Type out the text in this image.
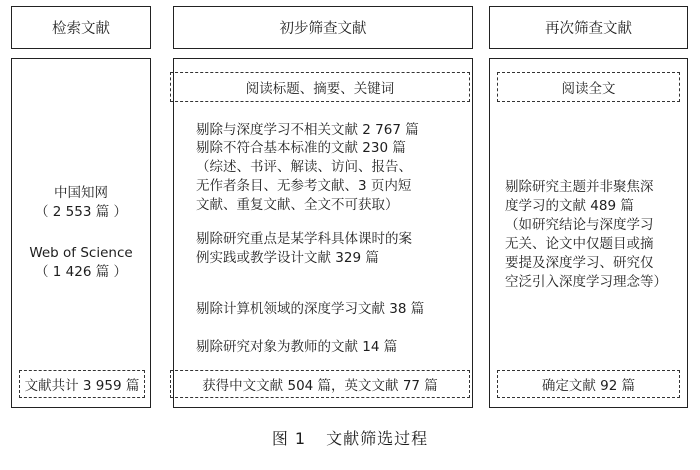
检索文献	初步筛查文献	再次筛查文献
中国知网
（ 2 553 篇 ）
Web of Science
（ 1 426 篇 ）
文献共计 3 959 篇
阅读标题、摘要、关键词
剔除与深度学习不相关文献 2 767 篇
剔除不符合基本标准的文献 230 篇
（综述、书评、解读、访问、报告、
无作者条目、无参考文献、3 页内短
文献、重复文献、全文不可获取）
剔除研究重点是某学科具体课时的案
例实践或教学设计文献 329 篇
剔除计算机领域的深度学习文献 38 篇
剔除研究对象为教师的文献 14 篇
获得中文文献 504 篇，英文文献 77 篇
阅读全文
剔除研究主题并非聚焦深
度学习的文献 489 篇
（如研究结论与深度学习
无关、论文中仅题目或摘
要提及深度学习、研究仅
空泛引入深度学习理念等）
确定文献 92 篇
图 1 文献筛选过程
